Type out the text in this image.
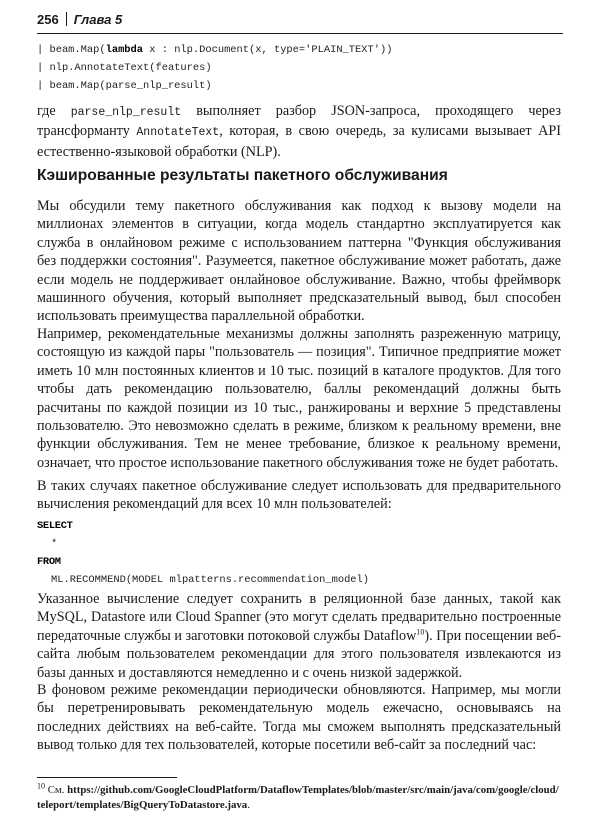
256 Глава 5
| beam.Map(lambda x : nlp.Document(x, type='PLAIN_TEXT'))
| nlp.AnnotateText(features)
| beam.Map(parse_nlp_result)

где parse_nlp_result выполняет разбор JSON-запроса, проходящего через трансформанту AnnotateText, которая, в свою очередь, за кулисами вызывает API естественно-языковой обработки (NLP).

Кэшированные результаты пакетного обслуживания

Мы обсудили тему пакетного обслуживания как подход к вызову модели на миллионах элементов в ситуации, когда модель стандартно эксплуатируется как служба в онлайновом режиме с использованием паттерна "Функция обслуживания без поддержки состояния". Разумеется, пакетное обслуживание может работать, даже если модель не поддерживает онлайновое обслуживание. Важно, чтобы фреймворк машинного обучения, который выполняет предсказательный вывод, был способен использовать преимущества параллельной обработки.

Например, рекомендательные механизмы должны заполнять разреженную матрицу, состоящую из каждой пары "пользователь — позиция". Типичное предприятие может иметь 10 млн постоянных клиентов и 10 тыс. позиций в каталоге продуктов. Для того чтобы дать рекомендацию пользователю, баллы рекомендаций должны быть расчитаны по каждой позиции из 10 тыс., ранжированы и верхние 5 представлены пользователю. Это невозможно сделать в режиме, близком к реальному времени, вне функции обслуживания. Тем не менее требование, близкое к реальному времени, означает, что простое использование пакетного обслуживания тоже не будет работать.

В таких случаях пакетное обслуживание следует использовать для предварительного вычисления рекомендаций для всех 10 млн пользователей:

SELECT
*
FROM
ML.RECOMMEND(MODEL mlpatterns.recommendation_model)

Указанное вычисление следует сохранить в реляционной базе данных, такой как MySQL, Datastore или Cloud Spanner (это могут сделать предварительно построенные передаточные службы и заготовки потоковой службы Dataflow$^{10}$). При посещении веб-сайта любым пользователем рекомендации для этого пользователя извлекаются из базы данных и доставляются немедленно и с очень низкой задержкой.

В фоновом режиме рекомендации периодически обновляются. Например, мы могли бы перетренировывать рекомендательную модель ежечасно, основываясь на последних действиях на веб-сайте. Тогда мы сможем выполнять предсказательный вывод только для тех пользователей, которые посетили веб-сайт за последний час:

$^{10}$ См. https://github.com/GoogleCloudPlatform/DataflowTemplates/blob/master/src/main/java/com/google/cloud/teleport/templates/BigQueryToDatastore.java.
